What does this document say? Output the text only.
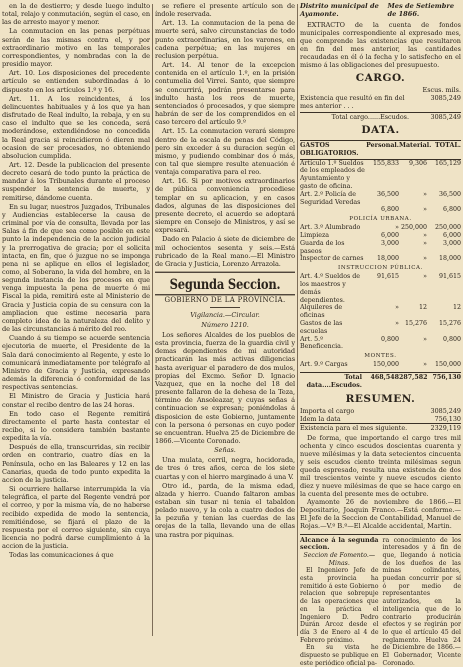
en la de destierro; y desde luego indulto total, relajo y conmutación, según el caso, en las de arresto mayor y menor.

La conmutacion en las penas perpétuas serán de las mismas contra el, y por extraordinario motivo en las temporales correspondientes, y nombradas con la de presidio mayor.

Art. 10. Los disposiciones del precedente artículo se entienden subordinadas á lo dispuesto en los artículos 1.º y 16.

Art. 11. A los reincidentes, á los delincuentes habituales y á los que ya han disfrutado de Real indulto, la rebaja, y en su caso el indulto que se les conceda, será moderándose, extendiéndose no concedida la Real gracia si reincidieron ó dieren mal ocasion de ser procesados, no obteniendo absolucion cumplida.

Art. 12. Desde la publicacion del presente decreto cesará de todo punto la práctica de mandar á los Tribunales durante el proceso suspender la sentencia de muerte, y remitirse, dándome cuenta.

En su lugar, nuestros Juzgados, Tribunales y Audiencias establecerse la causa de criminal por vía de consulta, llevada por las Salas á fin de que sea como posible en este punto la independencia de la accion judicial y la prerrogativa de gracia; por el solicita intacta, en fin, que ó juzgue no se imponga pena ni se aplique en ellos el legislador, como, al Soberano, la vida del hombre, en la segunda instancia de los procesos en que venga impuesta la pena de muerte ó mi Fiscal la pida, remitirá este al Ministerio de Gracia y Justicia copia de su censura con la ampliacion que estime necesaria para completo idea de la naturaleza del delito y de las circunstancias á mérito del reo.

Cuando á su tiempo se acuerde sentencia ejecutoria de muerte, el Presidente de la Sala dará conocimiento al Regente, y este lo comunicará inmediatamente por telégrafo al Ministro de Gracia y Justicia, expresando además la diferencia ó conformidad de las respectivas sentencias.

El Ministro de Gracia y Justicia hará constar el recibo dentro de las 24 horas.

En todo caso el Regente remitirá directamente el parte hasta contestar el recibo, si lo considera también bastante expedita la vía.

Después de ella, transcurridas, sin recibir orden en contrario, cuatro días en la Península, ocho en las Baleares y 12 en las Canarias, queda de todo punto expedita la accion de la justicia.

Si ocurriere hallarse interrumpida la vía telegráfica, el parte del Regente vendrá por el correo, y por la misma vía, de no haberse recibido expedida de modo la sentencia, remitiéndose, se fijará el plazo de la respuesta por el correo siguiente, sin cuya licencia no podrá darse cumplimiento á la accion de la justicia.

Todas las comunicaciones á que

se refiere el presente artículo son de índole reservada.

Art. 13. La conmutacion de la pena de muerte será, salvo circunstancias de todo punto extraordinarias, en los varones, en cadena perpétua; en las mujeres en reclusion perpétua.

Art. 14. Al tenor de la excepcion contenida en el artículo 1.º, en la prisión contumelia del Virrei. Santo, que siempre se concurrirá, podrán presentarse para indulto hasta los reos de muerte, sentenciados ó procesados, y que siempre habrán de ser de los comprendidos en el caso tercero del artículo 9.º

Art. 15. La conmutacion verará siempre dentro de la escala de penas del Código, pero sin exceder á su duracion según el mismo, y pudiendo combinar dos ó más, con tal que siempre resulte atenuación é ventaja comparativa para el reo.

Art. 16. Si por motivos extraordinarios de pública conveniencia procediese templar en su aplicacion, y en casos dados, algunas de las disposiciones del presente decreto, el acuerdo se adoptará siempre en Consejo de Ministros, y así se expresará.

Dado en Palacio á siete de diciembre de mil ochocientos sesenta y seis.—Está rubricado de la Real mano.—El Ministro de Gracia y Justicia, Lorenzo Arrazola.

Segunda Seccion.
GOBIERNO DE LA PROVINCIA.
Vigilancia.—Circular.
Número 1210.

Los señores Alcaldes de los pueblos de esta provincia, fuerza de la guardia civil y demas dependientes de mi autoridad practicarán las más activas diligencias hasta averiguar el paradero de dos mulos, propias del Excmo. Señor D. Ignacio Vazquez, que en la noche del 18 del presente fallaron de la dehesa de la Teza, término de Ansoleazar, y cuyas señas á continuacion se expresan; poniéndolas á disposicion de este Gobierno, juntamente con la persona ó personas en cuyo poder se encuentran. Huelva 25 de Diciembre de 1866.—Vicente Coronado.

Señas.

Una mulata, cerril, negra, hocidorada, de tres ó tres años, cerca de los siete cuartas y con el hierro marginado á una V.

Otro id., parda, de la misma edad, alzada y hierro. Cuando faltaron ambas estaban sin tusar ni tenia el tabaldon pelado nuevo, y la cola a cuatro dedos de la pezuña y tenian las cuerdas de las orejas de la talla, llevando una de ellas una rastra por piquinas.

Distrito municipal de Ayamonte.
Mes de Setiembre de 1866.

EXTRACTO de la cuenta de fondos municipales correspondiente al expresado mes, que comprende las existencias que resultaron en fin del mes anterior, las cantidades recaudadas en él ó la fecha y lo satisfecho en el mismo á las obligaciones del presupuesto.

CARGO.
Escus. mils.
Existencia que resultó en fin del mes anterior . . .
3085,249
Total cargo......Escudos.	3085,249
DATA.
GASTOS OBLIGATORIOS.
Personal. Material. TOTAL.
Artículo 1.º Sueldos de los empleados de Ayuntamiento y gasto de oficina.
155,833	9,306	165,129
Art. 2.º Policía de Seguridad Veredas
36,500	»	36,500
6,800	»	6,800
POLICÍA URBANA.
Art. 3.º Alumbrado	» 250,000	250,000
Limpieza	6,000	»	6,000
Guarda de los paseos
3,000	»	3,000
Inspector de carnes	18,000	»	18,000
INSTRUCCION PÚBLICA.
Art. 4.º Sueldos de los maestros y demás dependientes.
91,615	»	91,615
Alquileres de oficinas
»	12	12
Gastos de las escuelas
» 15,276	15,276
Art. 5.º Beneficencia.
0,800	»	0,800
MONTES.
Art. 9.º Cargas	150,000	»	150,000
Total data....Escudos.
468,548 287,582 756,130
RESUMEN.
Importa el cargo	3085,249
Idem la data	756,130
Existencia para el mes siguiente.	2329,119

De forma, que importando el cargo tres mil ochenta y cinco escudos doscientas cuarenta y nueve milésimas y la data setecientos cincuenta y seis escudos ciento treinta milésimas segun queda espresado, resulta una existencia de dos mil trescientos veinte y nueve escudos ciento diez y nueve milésimas de que se hace cargo en la cuenta del presente mes de octubre.

Ayamonte 26 de noviembre de 1866.—El Depositario, Joaquin Franco.—Está conforme.—El Jefe de la Seccion de Contabilidad, Manuel de Rojas.—V.º B.º—El Alcalde accidental, Martin.

Alcance á la segunda seccion.

Seccion de Fomento.—Minas.

El Ingeniero Jefe de esta provincia ha remitido á este Gobierno relacion que sobrepuje de las operaciones que en la práctica el Ingeniero D. Pedro Durán Arcoz desde el día 3 de Enero al 4 de Febrero próximo.

En su vista he dispuesto se publique en este periódico oficial pa-

ra conocimiento de los interesados y á fin de que, llegando á noticia de los dueños de las minas colindantes, puedan concurrir por sí ó por medio de representantes autorizados, en la inteligencia que de lo contrario producirán efectos y se regirán por lo que el artículo 45 del reglamento. Huelva 24 de Diciembre de 1866.—El Gobernador, Vicente Coronado.
